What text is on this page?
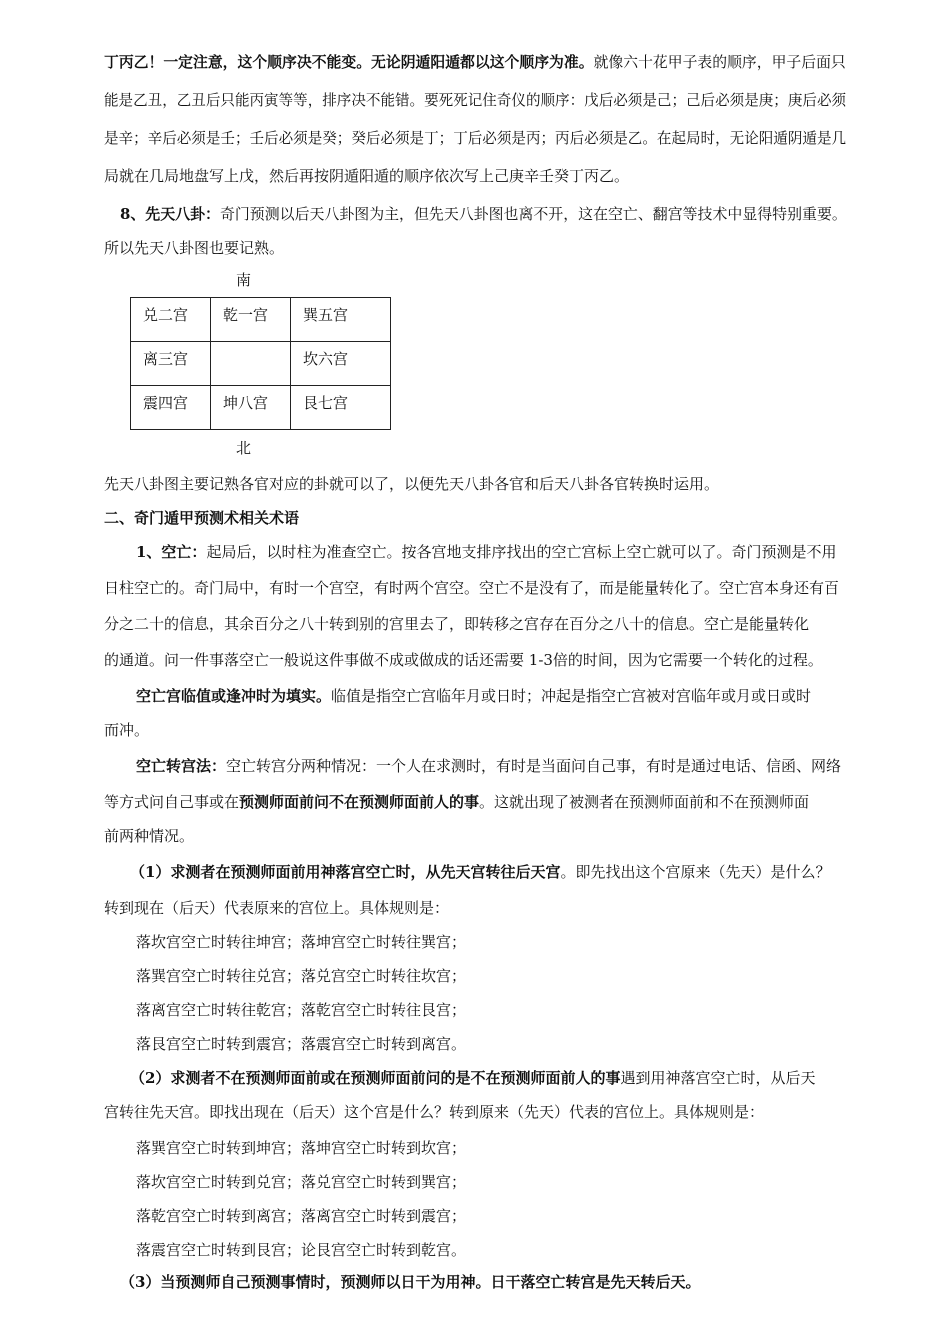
丁丙乙！一定注意，这个顺序决不能变。无论阴遁阳遁都以这个顺序为准。就像六十花甲子表的顺序，甲子后面只
能是乙丑，乙丑后只能丙寅等等，排序决不能错。要死死记住奇仪的顺序：戊后必须是己；己后必须是庚；庚后必须
是辛；辛后必须是壬；壬后必须是癸；癸后必须是丁；丁后必须是丙；丙后必须是乙。在起局时，无论阳遁阴遁是几
局就在几局地盘写上戊，然后再按阴遁阳遁的顺序依次写上己庚辛壬癸丁丙乙。
8、先天八卦：奇门预测以后天八卦图为主，但先天八卦图也离不开，这在空亡、翻宫等技术中显得特别重要。
所以先天八卦图也要记熟。
南
兑二宫	乾一宫	巽五宫

离三宫		坎六宫

震四宫	坤八宫	艮七宫
北
先天八卦图主要记熟各官对应的卦就可以了，以便先天八卦各官和后天八卦各官转换时运用。
二、奇门遁甲预测术相关术语
1、空亡：起局后，以时柱为准查空亡。按各宫地支排序找出的空亡宫标上空亡就可以了。奇门预测是不用
日柱空亡的。奇门局中，有时一个宫空，有时两个宫空。空亡不是没有了，而是能量转化了。空亡宫本身还有百
分之二十的信息，其余百分之八十转到别的宫里去了，即转移之宫存在百分之八十的信息。空亡是能量转化
的通道。问一件事落空亡一般说这件事做不成或做成的话还需要 1-3倍的时间，因为它需要一个转化的过程。
空亡宫临值或逢冲时为填实。临值是指空亡宫临年月或日时；冲起是指空亡宫被对宫临年或月或日或时
而冲。
空亡转宫法：空亡转宫分两种情况：一个人在求测时，有时是当面问自己事，有时是通过电话、信函、网络
等方式问自己事或在预测师面前问不在预测师面前人的事。这就出现了被测者在预测师面前和不在预测师面
前两种情况。
（1）求测者在预测师面前用神落宫空亡时，从先天宫转往后天宫。即先找出这个宫原来（先天）是什么？
转到现在（后天）代表原来的宫位上。具体规则是：
落坎宫空亡时转往坤宫；落坤宫空亡时转往巽宫；
落巽宫空亡时转往兑宫；落兑宫空亡时转往坎宫；
落离宫空亡时转往乾宫；落乾宫空亡时转往艮宫；
落艮宫空亡时转到震宫；落震宫空亡时转到离宫。
（2）求测者不在预测师面前或在预测师面前问的是不在预测师面前人的事遇到用神落宫空亡时，从后天
宫转往先天宫。即找出现在（后天）这个宫是什么？转到原来（先天）代表的宫位上。具体规则是：
落巽宫空亡时转到坤宫；落坤宫空亡时转到坎宫；
落坎宫空亡时转到兑宫；落兑宫空亡时转到巽宫；
落乾宫空亡时转到离宫；落离宫空亡时转到震宫；
落震宫空亡时转到艮宫；论艮宫空亡时转到乾宫。
（3）当预测师自己预测事情时，预测师以日干为用神。日干落空亡转宫是先天转后天。
